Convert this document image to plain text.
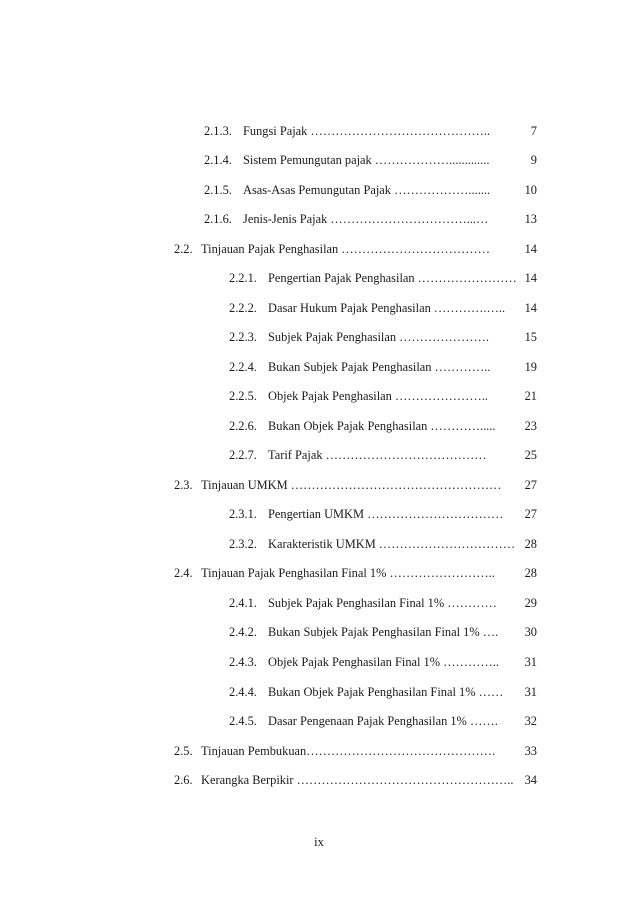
2.1.3. Fungsi Pajak ……………………………………..	7
2.1.4. Sistem Pemungutan pajak ……………….............	9
2.1.5. Asas-Asas Pemungutan Pajak ……………….......	10
2.1.6. Jenis-Jenis Pajak ……………………………...…	13
2.2. Tinjauan Pajak Penghasilan ………………………………	14
2.2.1. Pengertian Pajak Penghasilan …………………… 14
2.2.2. Dasar Hukum Pajak Penghasilan ………….….. 14
2.2.3. Subjek Pajak Penghasilan ………………….	15
2.2.4. Bukan Subjek Pajak Penghasilan …………..	19
2.2.5. Objek Pajak Penghasilan …………………..	21
2.2.6. Bukan Objek Pajak Penghasilan …………..... 23
2.2.7. Tarif Pajak …………………………………	25
2.3. Tinjauan UMKM …………………………………………… 27
2.3.1. Pengertian UMKM …………………………… 27
2.3.2. Karakteristik UMKM …………………………… 28
2.4. Tinjauan Pajak Penghasilan Final 1% …………………….. 28
2.4.1. Subjek Pajak Penghasilan Final 1% ………… 29
2.4.2. Bukan Subjek Pajak Penghasilan Final 1% …. 30
2.4.3. Objek Pajak Penghasilan Final 1% ………….. 31
2.4.4. Bukan Objek Pajak Penghasilan Final 1% …… 31
2.4.5. Dasar Pengenaan Pajak Penghasilan 1% ……. 32
2.5. Tinjauan Pembukuan………………………………………. 33
2.6. Kerangka Berpikir …………………………………………….. 34
ix
